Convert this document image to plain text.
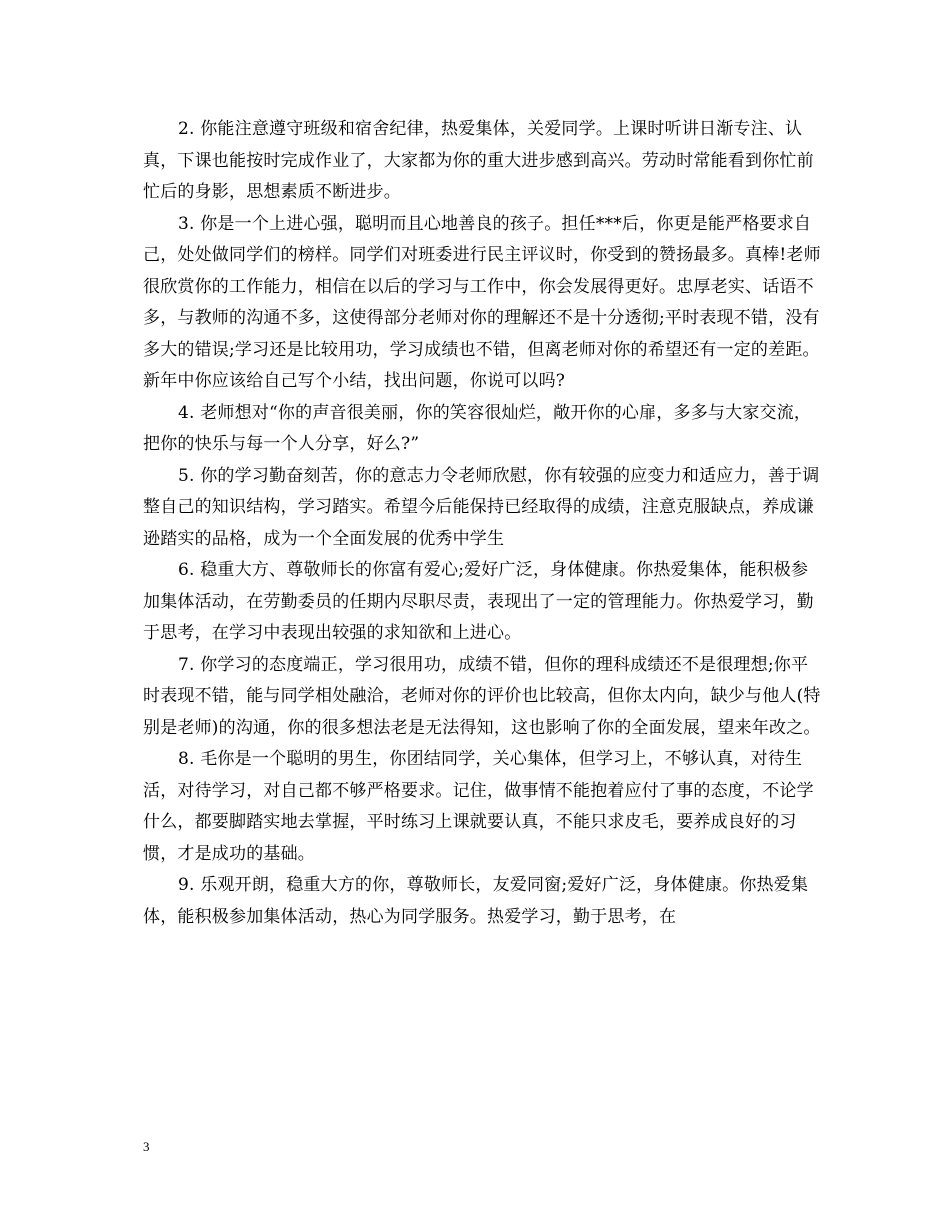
2. 你能注意遵守班级和宿舍纪律，热爱集体，关爱同学。上课时听讲日渐专注、认真，下课也能按时完成作业了，大家都为你的重大进步感到高兴。劳动时常能看到你忙前忙后的身影，思想素质不断进步。

3. 你是一个上进心强，聪明而且心地善良的孩子。担任***后，你更是能严格要求自己，处处做同学们的榜样。同学们对班委进行民主评议时，你受到的赞扬最多。真棒!老师很欣赏你的工作能力，相信在以后的学习与工作中，你会发展得更好。忠厚老实、话语不多，与教师的沟通不多，这使得部分老师对你的理解还不是十分透彻;平时表现不错，没有多大的错误;学习还是比较用功，学习成绩也不错，但离老师对你的希望还有一定的差距。新年中你应该给自己写个小结，找出问题，你说可以吗?

4. 老师想对“你的声音很美丽，你的笑容很灿烂，敞开你的心扉，多多与大家交流，把你的快乐与每一个人分享，好么?”

5. 你的学习勤奋刻苦，你的意志力令老师欣慰，你有较强的应变力和适应力，善于调整自己的知识结构，学习踏实。希望今后能保持已经取得的成绩，注意克服缺点，养成谦逊踏实的品格，成为一个全面发展的优秀中学生

6. 稳重大方、尊敬师长的你富有爱心;爱好广泛，身体健康。你热爱集体，能积极参加集体活动，在劳勤委员的任期内尽职尽责，表现出了一定的管理能力。你热爱学习，勤于思考，在学习中表现出较强的求知欲和上进心。

7. 你学习的态度端正，学习很用功，成绩不错，但你的理科成绩还不是很理想;你平时表现不错，能与同学相处融洽，老师对你的评价也比较高，但你太内向，缺少与他人(特别是老师)的沟通，你的很多想法老是无法得知，这也影响了你的全面发展，望来年改之。

8. 毛你是一个聪明的男生，你团结同学，关心集体，但学习上，不够认真，对待生活，对待学习，对自己都不够严格要求。记住，做事情不能抱着应付了事的态度，不论学什么，都要脚踏实地去掌握，平时练习上课就要认真，不能只求皮毛，要养成良好的习惯，才是成功的基础。

9. 乐观开朗，稳重大方的你，尊敬师长，友爱同窗;爱好广泛，身体健康。你热爱集体，能积极参加集体活动，热心为同学服务。热爱学习，勤于思考，在

3
